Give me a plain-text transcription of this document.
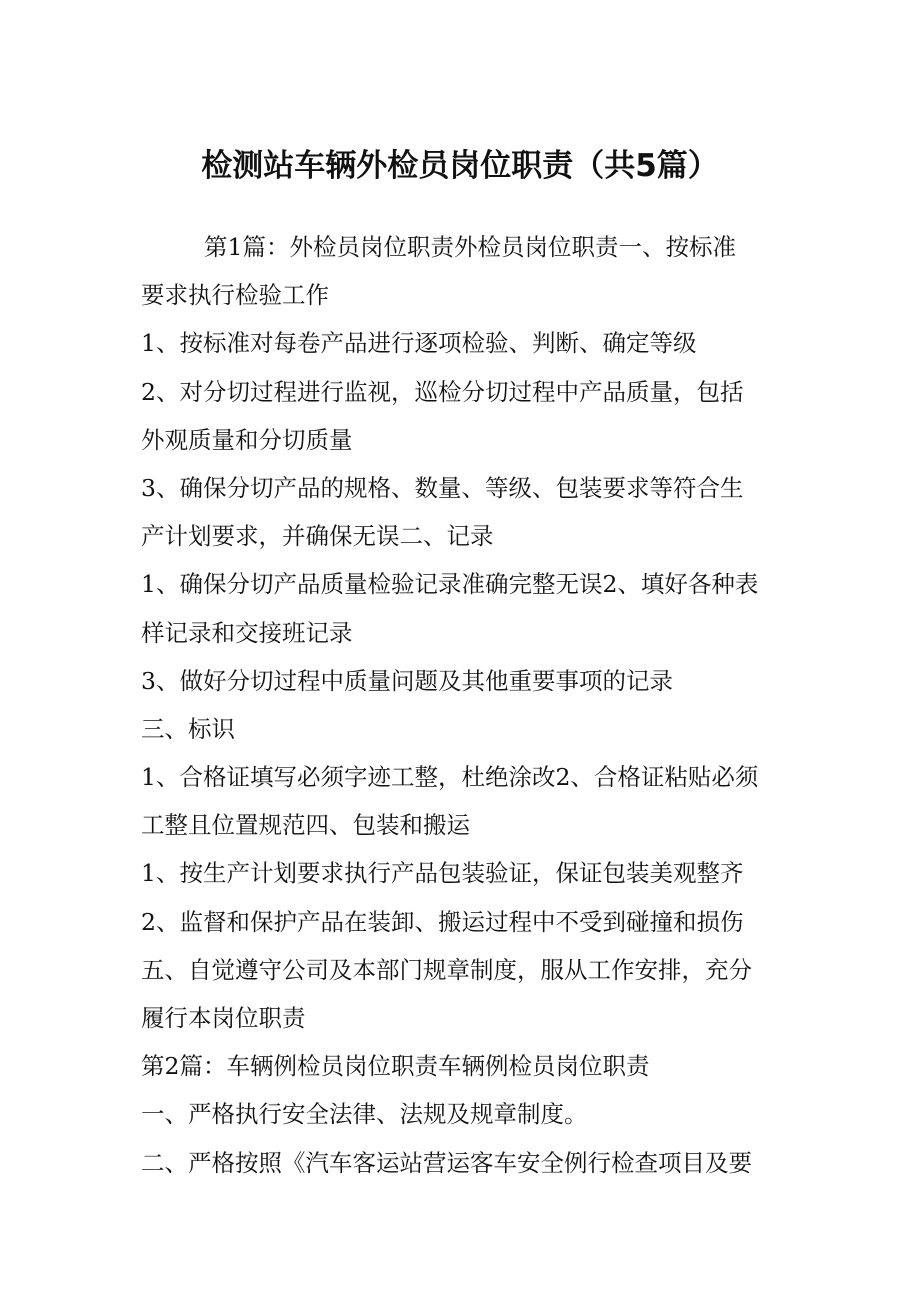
检测站车辆外检员岗位职责（共5篇）
第1篇：外检员岗位职责外检员岗位职责一、按标准
要求执行检验工作
1、按标准对每卷产品进行逐项检验、判断、确定等级
2、对分切过程进行监视，巡检分切过程中产品质量，包括
外观质量和分切质量
3、确保分切产品的规格、数量、等级、包装要求等符合生
产计划要求，并确保无误二、记录
1、确保分切产品质量检验记录准确完整无误2、填好各种表
样记录和交接班记录
3、做好分切过程中质量问题及其他重要事项的记录
三、标识
1、合格证填写必须字迹工整，杜绝涂改2、合格证粘贴必须
工整且位置规范四、包装和搬运
1、按生产计划要求执行产品包装验证，保证包装美观整齐
2、监督和保护产品在装卸、搬运过程中不受到碰撞和损伤
五、自觉遵守公司及本部门规章制度，服从工作安排，充分
履行本岗位职责
第2篇：车辆例检员岗位职责车辆例检员岗位职责
一、严格执行安全法律、法规及规章制度。
二、严格按照《汽车客运站营运客车安全例行检查项目及要
